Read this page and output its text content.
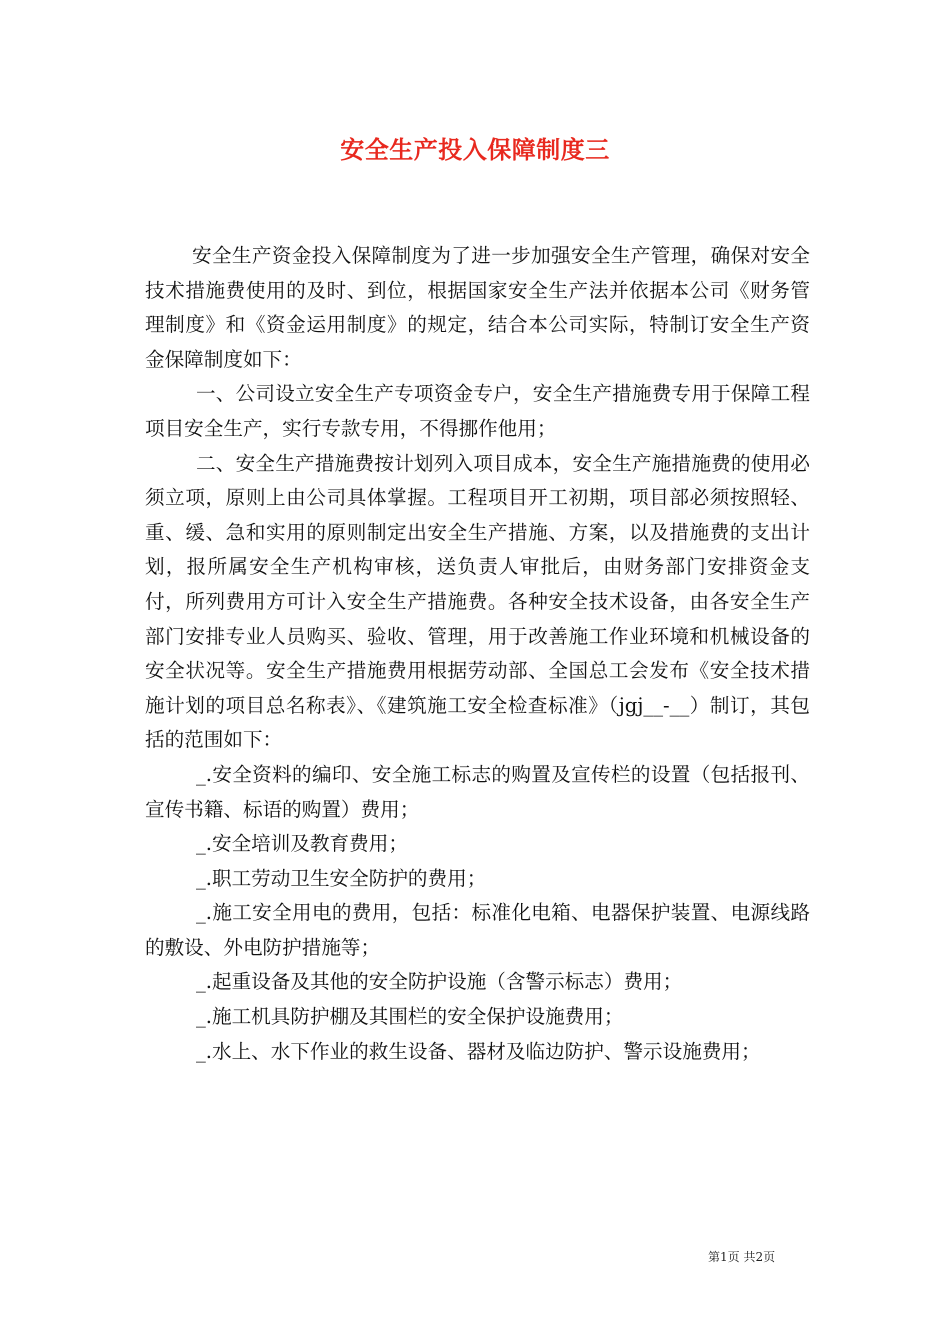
安全生产投入保障制度三

安全生产资金投入保障制度为了进一步加强安全生产管理，确保对安全技术措施费使用的及时、到位，根据国家安全生产法并依据本公司《财务管理制度》和《资金运用制度》的规定，结合本公司实际，特制订安全生产资金保障制度如下：

一、公司设立安全生产专项资金专户，安全生产措施费专用于保障工程项目安全生产，实行专款专用，不得挪作他用；

二、安全生产措施费按计划列入项目成本，安全生产施措施费的使用必须立项，原则上由公司具体掌握。工程项目开工初期，项目部必须按照轻、重、缓、急和实用的原则制定出安全生产措施、方案，以及措施费的支出计划，报所属安全生产机构审核，送负责人审批后，由财务部门安排资金支付，所列费用方可计入安全生产措施费。各种安全技术设备，由各安全生产部门安排专业人员购买、验收、管理，用于改善施工作业环境和机械设备的安全状况等。安全生产措施费用根据劳动部、全国总工会发布《安全技术措施计划的项目总名称表》、《建筑施工安全检查标准》（jgj__-__）制订，其包括的范围如下：

_.安全资料的编印、安全施工标志的购置及宣传栏的设置（包括报刊、宣传书籍、标语的购置）费用；

_.安全培训及教育费用；

_.职工劳动卫生安全防护的费用；

_.施工安全用电的费用，包括：标准化电箱、电器保护装置、电源线路的敷设、外电防护措施等；

_.起重设备及其他的安全防护设施（含警示标志）费用；

_.施工机具防护棚及其围栏的安全保护设施费用；

_.水上、水下作业的救生设备、器材及临边防护、警示设施费用；

第1页 共2页
